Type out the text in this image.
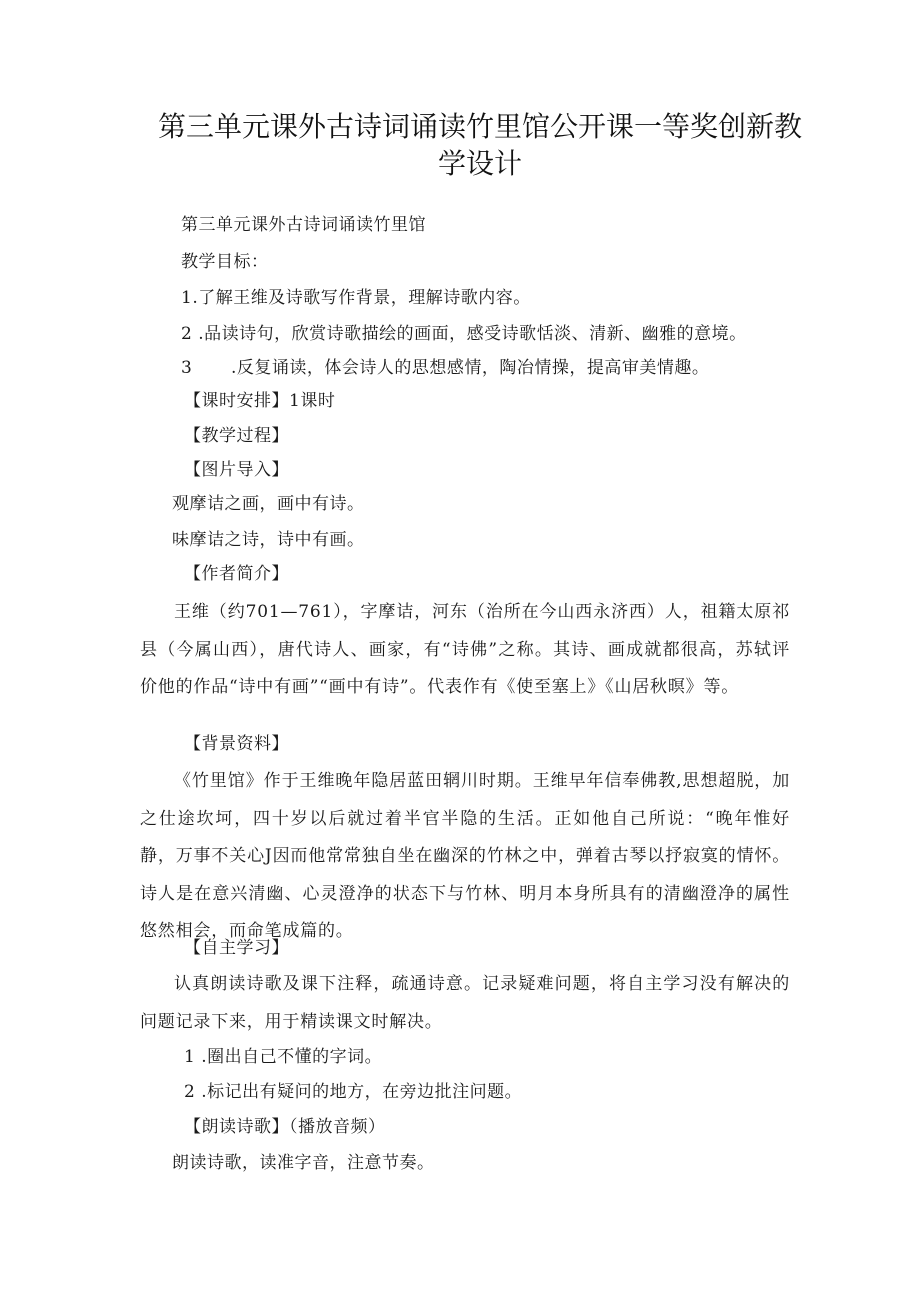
第三单元课外古诗词诵读竹里馆公开课一等奖创新教
学设计
第三单元课外古诗词诵读竹里馆
教学目标：
1.了解王维及诗歌写作背景，理解诗歌内容。
2 .品读诗句，欣赏诗歌描绘的画面，感受诗歌恬淡、清新、幽雅的意境。
3 .反复诵读，体会诗人的思想感情，陶冶情操，提高审美情趣。
【课时安排】1课时
【教学过程】
【图片导入】
观摩诘之画，画中有诗。
味摩诘之诗，诗中有画。
【作者简介】
王维（约701—761），字摩诘，河东（治所在今山西永济西）人，祖籍太原祁县（今属山西），唐代诗人、画家，有“诗佛”之称。其诗、画成就都很高，苏轼评价他的作品“诗中有画”“画中有诗”。代表作有《使至塞上》《山居秋暝》等。
【背景资料】
《竹里馆》作于王维晚年隐居蓝田辋川时期。王维早年信奉佛教,思想超脱，加之仕途坎坷，四十岁以后就过着半官半隐的生活。正如他自己所说：“晚年惟好静，万事不关心J因而他常常独自坐在幽深的竹林之中，弹着古琴以抒寂寞的情怀。诗人是在意兴清幽、心灵澄净的状态下与竹林、明月本身所具有的清幽澄净的属性悠然相会，而命笔成篇的。
【自主学习】
认真朗读诗歌及课下注释，疏通诗意。记录疑难问题，将自主学习没有解决的问题记录下来，用于精读课文时解决。
1 .圈出自己不懂的字词。
2 .标记出有疑问的地方，在旁边批注问题。
【朗读诗歌】（播放音频）
朗读诗歌，读准字音，注意节奏。
